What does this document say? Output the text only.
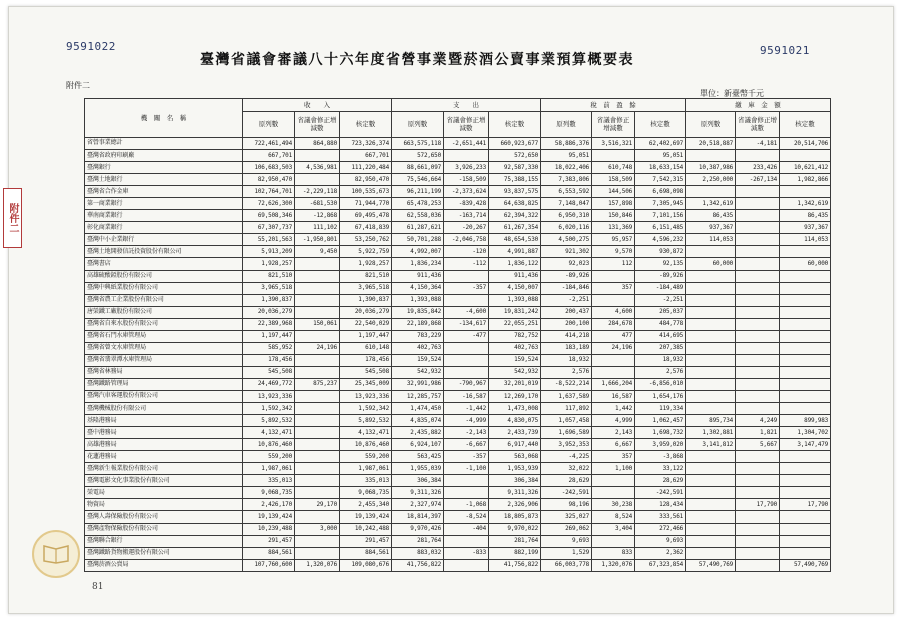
9591022	9591021
臺灣省議會審議八十六年度省營事業暨菸酒公賣事業預算概要表
附件二
單位：新臺幣千元
附件二
機　關　名　稱	收　　入			支　　出			稅　前　盈　餘			繳　庫　金　額		
	原列數	省議會修正增減數	核定數	原列數	省議會修正增減數	核定數	原列數	省議會修正增減數	核定數	原列數	省議會修正增減數	核定數
省營事業總計	722,461,494	864,880	723,326,374	663,575,118	-2,651,441	660,923,677	58,886,376	3,516,321	62,402,697	20,518,887	-4,181	20,514,706
臺灣省政府印刷廠	667,701		667,701	572,650		572,650	95,051		95,051			
臺灣銀行	106,683,503	4,536,981	111,220,484	88,661,097	3,926,233	92,587,330	18,022,406	610,748	18,633,154	10,387,986	233,426	10,621,412
臺灣土地銀行	82,950,470		82,950,470	75,546,664	-158,509	75,388,155	7,383,806	158,509	7,542,315	2,250,000	-267,134	1,982,866
臺灣省合作金庫	102,764,701	-2,229,118	100,535,673	96,211,199	-2,373,624	93,837,575	6,553,592	144,506	6,698,098			
第一商業銀行	72,626,300	-681,530	71,944,770	65,478,253	-839,428	64,638,825	7,148,047	157,898	7,305,945	1,342,619		1,342,619
華南商業銀行	69,508,346	-12,868	69,495,478	62,558,036	-163,714	62,394,322	6,950,310	150,846	7,101,156	86,435		86,435
彰化商業銀行	67,307,737	111,102	67,418,839	61,287,621	-20,267	61,267,354	6,020,116	131,369	6,151,485	937,367		937,367
臺灣中小企業銀行	55,201,563	-1,950,801	53,250,762	50,701,288	-2,046,758	48,654,530	4,500,275	95,957	4,596,232	114,053		114,053
臺灣土地開發信託投資股份有限公司	5,913,209	9,450	5,922,759	4,992,007	-120	4,991,887	921,302	9,570	930,872			
臺灣書店	1,928,257		1,928,257	1,836,234	-112	1,836,122	92,023	112	92,135	60,000		60,000
高雄硫酸錏股份有限公司	821,510		821,510	911,436		911,436	-89,926		-89,926			
臺灣中興紙業股份有限公司	3,965,518		3,965,518	4,150,364	-357	4,150,007	-184,846	357	-184,489			
臺灣省農工企業股份有限公司	1,390,837		1,390,837	1,393,088		1,393,088	-2,251		-2,251			
唐榮鐵工廠股份有限公司	20,036,279		20,036,279	19,835,842	-4,600	19,831,242	200,437	4,600	205,037			
臺灣省自來水股份有限公司	22,389,968	150,061	22,540,029	22,189,868	-134,617	22,055,251	200,100	284,678	484,778			
臺灣省石門水庫管理局	1,197,447		1,197,447	783,229	-477	782,752	414,218	477	414,695			
臺灣省曾文水庫管理局	585,952	24,196	610,148	402,763		402,763	183,189	24,196	207,385			
臺灣省翡翠潭水庫管理局	178,456		178,456	159,524		159,524	18,932		18,932			
臺灣省林務局	545,508		545,508	542,932		542,932	2,576		2,576			
臺灣鐵路管理局	24,469,772	875,237	25,345,009	32,991,986	-790,967	32,201,019	-8,522,214	1,666,204	-6,856,010			
臺灣汽車客運股份有限公司	13,923,336		13,923,336	12,285,757	-16,587	12,269,170	1,637,589	16,587	1,654,176			
臺灣機械股份有限公司	1,592,342		1,592,342	1,474,450	-1,442	1,473,008	117,892	1,442	119,334			
基隆港務局	5,892,532		5,892,532	4,835,074	-4,999	4,830,075	1,057,458	4,999	1,062,457	895,734	4,249	899,983
臺中港務局	4,132,471		4,132,471	2,435,882	-2,143	2,433,739	1,696,589	2,143	1,698,732	1,302,881	1,821	1,304,702
高雄港務局	10,876,460		10,876,460	6,924,107	-6,667	6,917,440	3,952,353	6,667	3,959,020	3,141,812	5,667	3,147,479
花蓮港務局	559,200		559,200	563,425	-357	563,068	-4,225	357	-3,868			
臺灣新生報業股份有限公司	1,987,061		1,987,061	1,955,039	-1,100	1,953,939	32,022	1,100	33,122			
臺灣電影文化事業股份有限公司	335,013		335,013	306,384		306,384	28,629		28,629			
榮電局	9,068,735		9,068,735	9,311,326		9,311,326	-242,591		-242,591			
物資局	2,426,170	29,170	2,455,340	2,327,974	-1,068	2,326,906	98,196	30,238	128,434		17,790	17,790
臺灣人壽保險股份有限公司	19,139,424		19,139,424	18,814,397	-8,524	18,805,873	325,027	8,524	333,561			
臺灣產物保險股份有限公司	10,239,488	3,000	10,242,488	9,970,426	-404	9,970,022	269,062	3,404	272,466			
臺灣聯合銀行	291,457		291,457	281,764		281,764	9,693		9,693			
臺灣鐵路貨物搬運股份有限公司	884,561		884,561	883,032	-833	882,199	1,529	833	2,362			
臺灣菸酒公賣局	107,760,600	1,320,076	109,080,676	41,756,822		41,756,822	66,003,778	1,320,076	67,323,854	57,490,769		57,490,769
81
